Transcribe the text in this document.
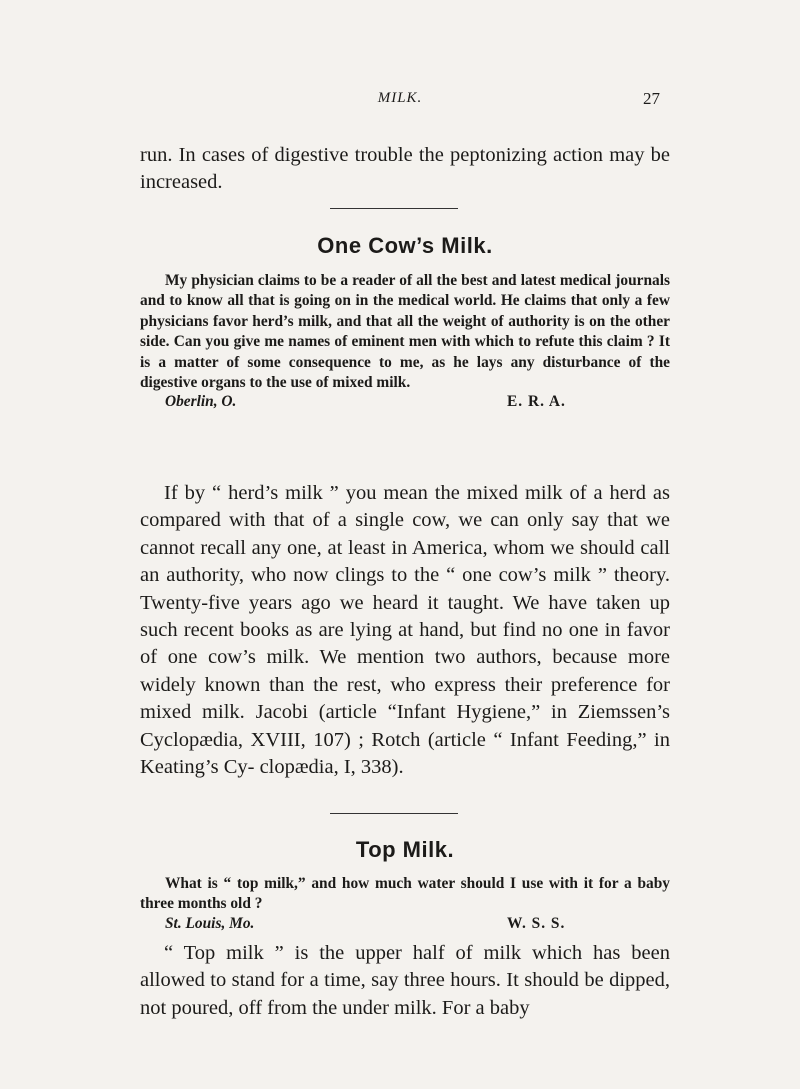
MILK.	27

run. In cases of digestive trouble the peptonizing action may be increased.

One Cow’s Milk.

My physician claims to be a reader of all the best and latest medical journals and to know all that is going on in the medical world. He claims that only a few physicians favor herd’s milk, and that all the weight of authority is on the other side. Can you give me names of eminent men with which to refute this claim ? It is a matter of some consequence to me, as he lays any disturbance of the digestive organs to the use of mixed milk.

Oberlin, O.	E. R. A.

If by “ herd’s milk ” you mean the mixed milk of a herd as compared with that of a single cow, we can only say that we cannot recall any one, at least in America, whom we should call an authority, who now clings to the “ one cow’s milk ” theory. Twenty-five years ago we heard it taught. We have taken up such recent books as are lying at hand, but find no one in favor of one cow’s milk. We mention two authors, because more widely known than the rest, who express their preference for mixed milk. Jacobi (article “Infant Hygiene,” in Ziemssen’s Cyclopædia, XVIII, 107) ; Rotch (article “ Infant Feeding,” in Keating’s Cy- clopædia, I, 338).

Top Milk.

What is “ top milk,” and how much water should I use with it for a baby three months old ?

St. Louis, Mo.	W. S. S.

“ Top milk ” is the upper half of milk which has been allowed to stand for a time, say three hours. It should be dipped, not poured, off from the under milk. For a baby
